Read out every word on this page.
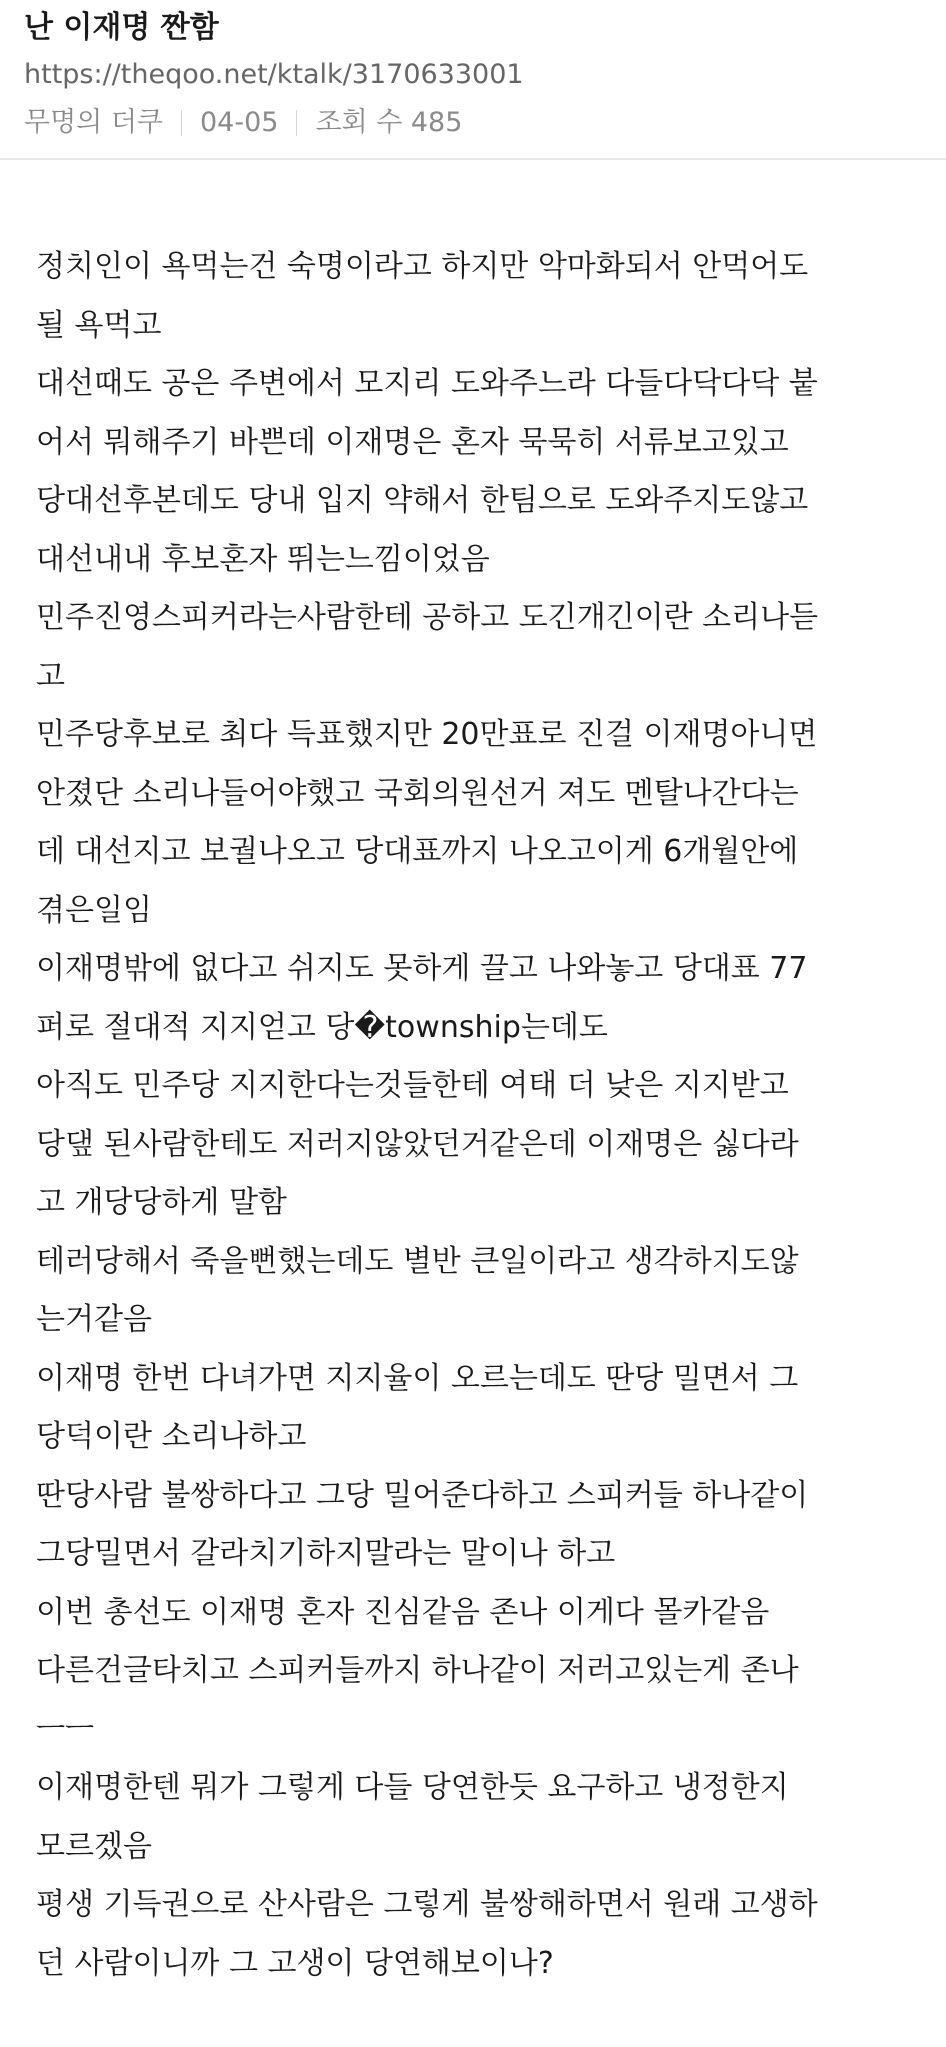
난 이재명 짠함
https://theqoo.net/ktalk/3170633001
무명의 더쿠 04-05 조회 수 485

정치인이 욕먹는건 숙명이라고 하지만 악마화되서 안먹어도

될 욕먹고

대선때도 공은 주변에서 모지리 도와주느라 다들다닥다닥 붙

어서 뭐해주기 바쁜데 이재명은 혼자 묵묵히 서류보고있고

당대선후본데도 당내 입지 약해서 한팀으로 도와주지도않고

대선내내 후보혼자 뛰는느낌이었음

민주진영스피커라는사람한테 공하고 도긴개긴이란 소리나듣

고

민주당후보로 최다 득표했지만 20만표로 진걸 이재명아니면

안졌단 소리나들어야했고 국회의원선거 져도 멘탈나간다는

데 대선지고 보궐나오고 당대표까지 나오고이게 6개월안에

겪은일임

이재명밖에 없다고 쉬지도 못하게 끌고 나와놓고 당대표 77

퍼로 절대적 지지얻고 당�township는데도

아직도 민주당 지지한다는것들한테 여태 더 낮은 지지받고

당댚 된사람한테도 저러지않았던거같은데 이재명은 싫다라

고 개당당하게 말함

테러당해서 죽을뻔했는데도 별반 큰일이라고 생각하지도않

는거같음

이재명 한번 다녀가면 지지율이 오르는데도 딴당 밀면서 그

당덕이란 소리나하고

딴당사람 불쌍하다고 그당 밀어준다하고 스피커들 하나같이

그당밀면서 갈라치기하지말라는 말이나 하고

이번 총선도 이재명 혼자 진심같음 존나 이게다 몰카같음

다른건글타치고 스피커들까지 하나같이 저러고있는게 존나

ㅡㅡ

이재명한텐 뭐가 그렇게 다들 당연한듯 요구하고 냉정한지

모르겠음

평생 기득권으로 산사람은 그렇게 불쌍해하면서 원래 고생하

던 사람이니까 그 고생이 당연해보이나?
